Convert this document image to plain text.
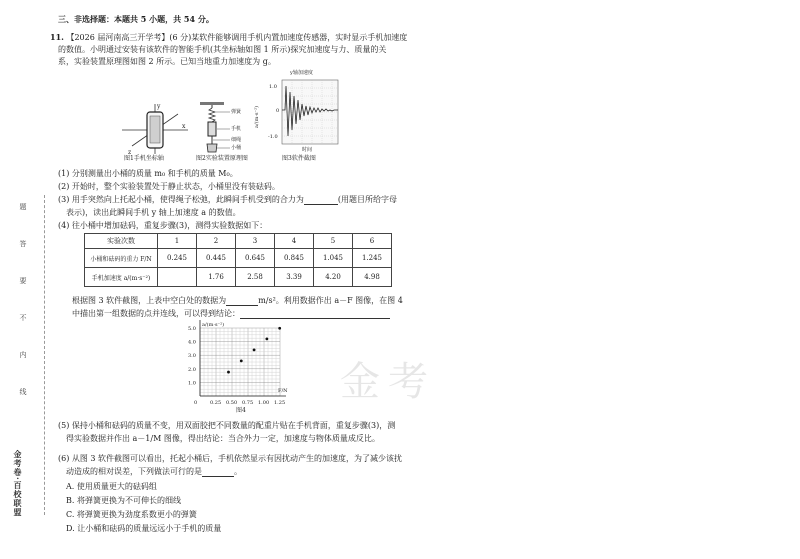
题
答
要
不
内
线
金考卷·百校联盟
金考
三、非选择题：本题共 5 小题，共 54 分。
11. 【2026 届河南高三开学考】(6 分)某软件能够调用手机内置加速度传感器，实时显示手机加速度
的数值。小明通过安装有该软件的智能手机(其坐标轴如图 1 所示)探究加速度与力、质量的关
系，实验装置原理图如图 2 所示。已知当地重力加速度为 g。
y
x
z
图1手机坐标轴
弹簧
手机
细绳
小桶
图2实验装置原理图
y轴加速度
1.0
0
-1.0
a/(m·s⁻²)
时间
图3软件截图
(1) 分别测量出小桶的质量 m₀ 和手机的质量 M₀。
(2) 开始时，整个实验装置处于静止状态，小桶里没有装砝码。
(3) 用手突然向上托起小桶，使得绳子松弛，此瞬间手机受到的合力为	(用题目所给字母
表示)，读出此瞬间手机 y 轴上加速度 a 的数值。
(4) 往小桶中增加砝码，重复步骤(3)，测得实验数据如下：
实验次数	1	2	3	4	5	6
小桶和砝码的重力 F/N	0.245	0.445	0.645	0.845	1.045	1.245
手机加速度 a/(m·s⁻²)		1.76	2.58	3.39	4.20	4.98
根据图 3 软件截图，上表中空白处的数据为	m/s²。利用数据作出 a－F 图像，在图 4
中描出第一组数据的点并连线，可以得到结论：
0.25 0.50 0.75 1.00 1.25
1.0
2.0
3.0
4.0
5.0
0
F/N
a/(m·s⁻²)
图4
(5) 保持小桶和砝码的质量不变，用双面胶把不同数量的配重片贴在手机背面，重复步骤(3)，测
得实验数据并作出 a－1/M 图像，得出结论：当合外力一定，加速度与物体质量成反比。
(6) 从图 3 软件截图可以看出，托起小桶后，手机依然显示有因扰动产生的加速度，为了减少该扰
动造成的相对误差，下列做法可行的是	。
A. 使用质量更大的砝码组
B. 将弹簧更换为不可伸长的细线
C. 将弹簧更换为劲度系数更小的弹簧
D. 让小桶和砝码的质量远远小于手机的质量
